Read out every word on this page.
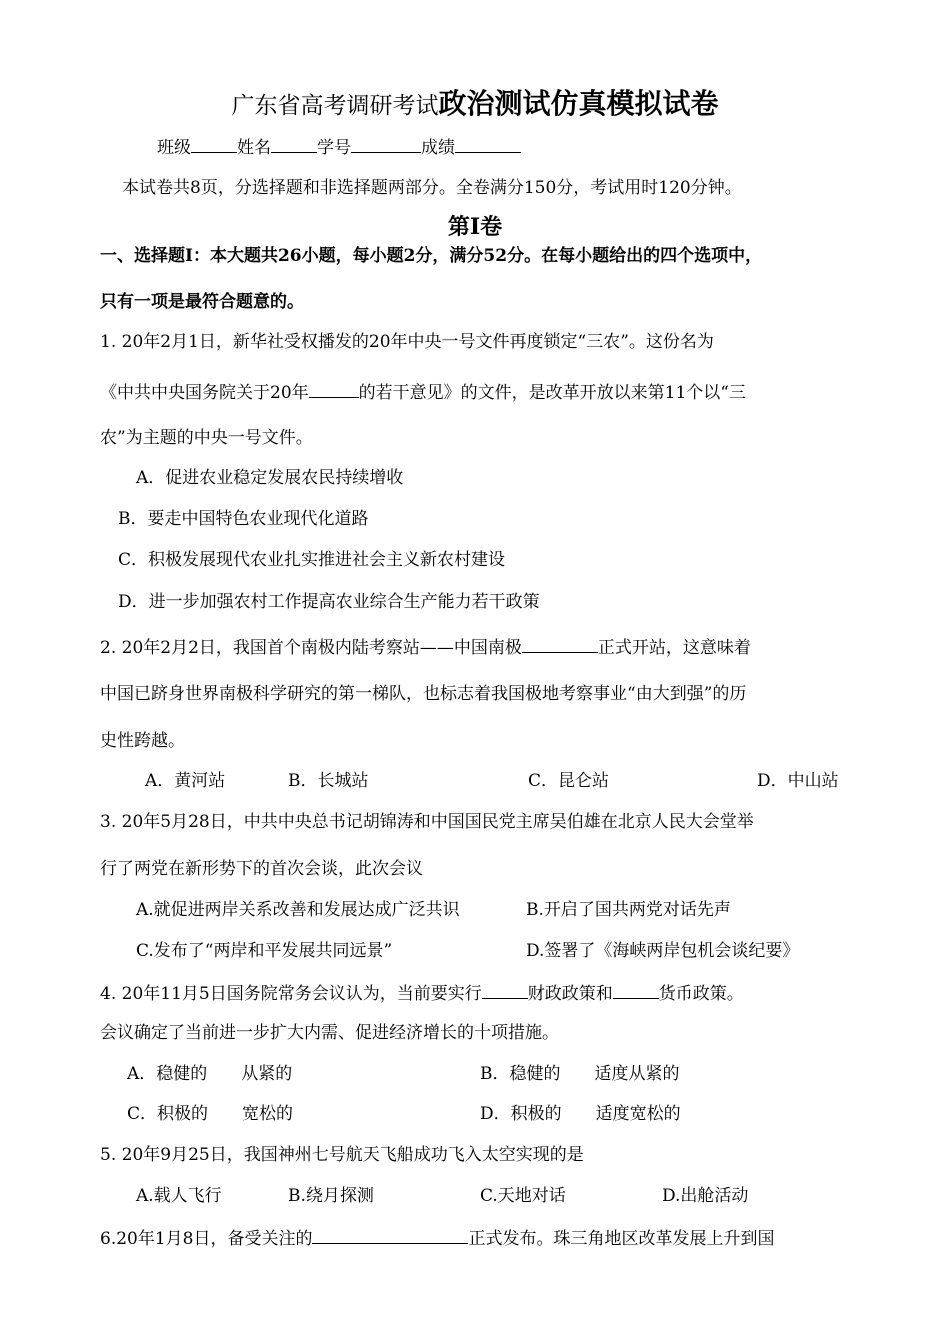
广东省高考调研考试政治测试仿真模拟试卷
班级	姓名	学号	成绩
本试卷共8页，分选择题和非选择题两部分。全卷满分150分，考试用时120分钟。
第Ⅰ卷
一、选择题Ⅰ：本大题共26小题，每小题2分，满分52分。在每小题给出的四个选项中，
只有一项是最符合题意的。
1. 20年2月1日，新华社受权播发的20年中央一号文件再度锁定“三农”。这份名为
《中共中央国务院关于20年	的若干意见》的文件，是改革开放以来第11个以“三
农”为主题的中央一号文件。
A．促进农业稳定发展农民持续增收
B．要走中国特色农业现代化道路
C．积极发展现代农业扎实推进社会主义新农村建设
D．进一步加强农村工作提高农业综合生产能力若干政策
2. 20年2月2日，我国首个南极内陆考察站——中国南极	正式开站，这意味着
中国已跻身世界南极科学研究的第一梯队，也标志着我国极地考察事业“由大到强”的历
史性跨越。
A．黄河站	B．长城站	C．昆仑站	D．中山站
3. 20年5月28日，中共中央总书记胡锦涛和中国国民党主席吴伯雄在北京人民大会堂举
行了两党在新形势下的首次会谈，此次会议
A.就促进两岸关系改善和发展达成广泛共识	B.开启了国共两党对话先声
C.发布了“两岸和平发展共同远景”	D.签署了《海峡两岸包机会谈纪要》
4. 20年11月5日国务院常务会议认为，当前要实行	财政政策和	货币政策。
会议确定了当前进一步扩大内需、促进经济增长的十项措施。
A．稳健的　　从紧的	B．稳健的　　适度从紧的
C．积极的　　宽松的	D．积极的　　适度宽松的
5. 20年9月25日，我国神州七号航天飞船成功飞入太空实现的是
A.载人飞行	B.绕月探测	C.天地对话	D.出舱活动
6.20年1月8日，备受关注的	正式发布。珠三角地区改革发展上升到国
